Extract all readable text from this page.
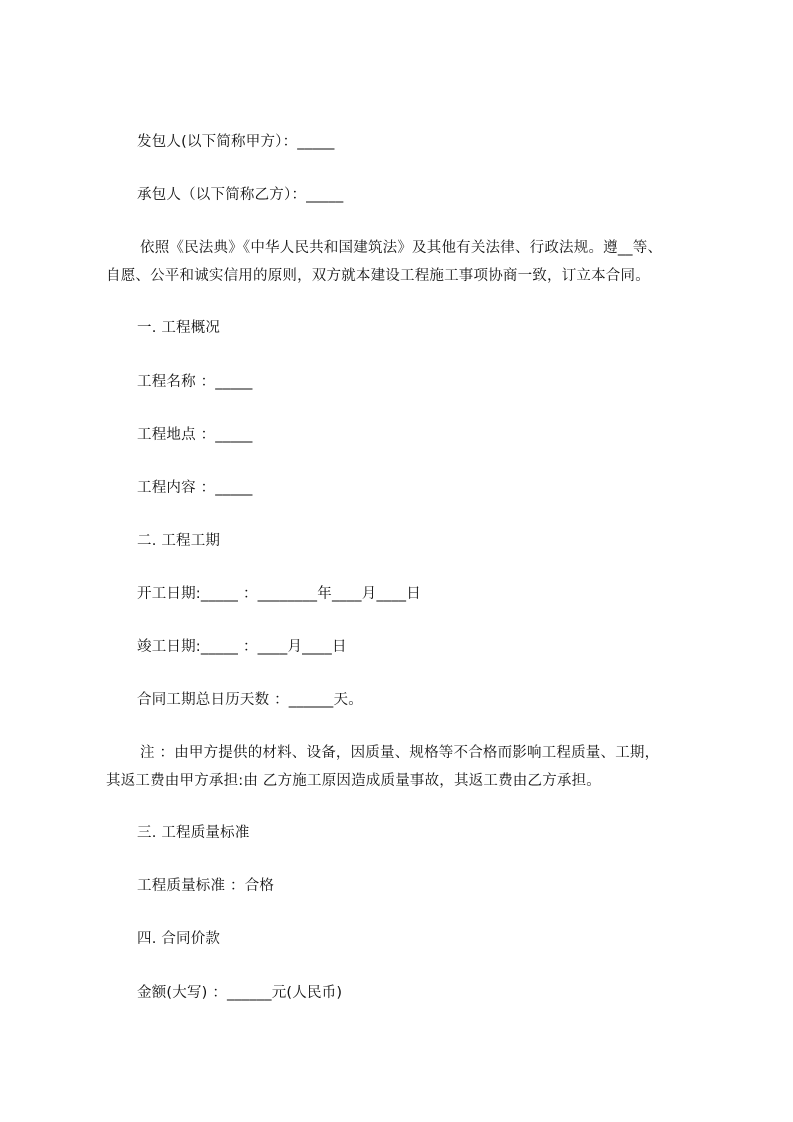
发包人(以下简称甲方）：_____
承包人（以下简称乙方）：_____
依照《民法典》《中华人民共和国建筑法》及其他有关法律、行政法规。遵__等、
自愿、公平和诚实信用的原则，双方就本建设工程施工事项协商一致，订立本合同。
一. 工程概况
工程名称 ：_____
工程地点 ：_____
工程内容 ：_____
二. 工程工期
开工日期:_____ ：________年____月____日
竣工日期:_____ ：____月____日
合同工期总日历天数 ：______天。
注 ：由甲方提供的材料、设备，因质量、规格等不合格而影响工程质量、工期，
其返工费由甲方承担:由 乙方施工原因造成质量事故，其返工费由乙方承担。
三. 工程质量标准
工程质量标准 ：合格
四. 合同价款
金额(大写) ：______元(人民币)
